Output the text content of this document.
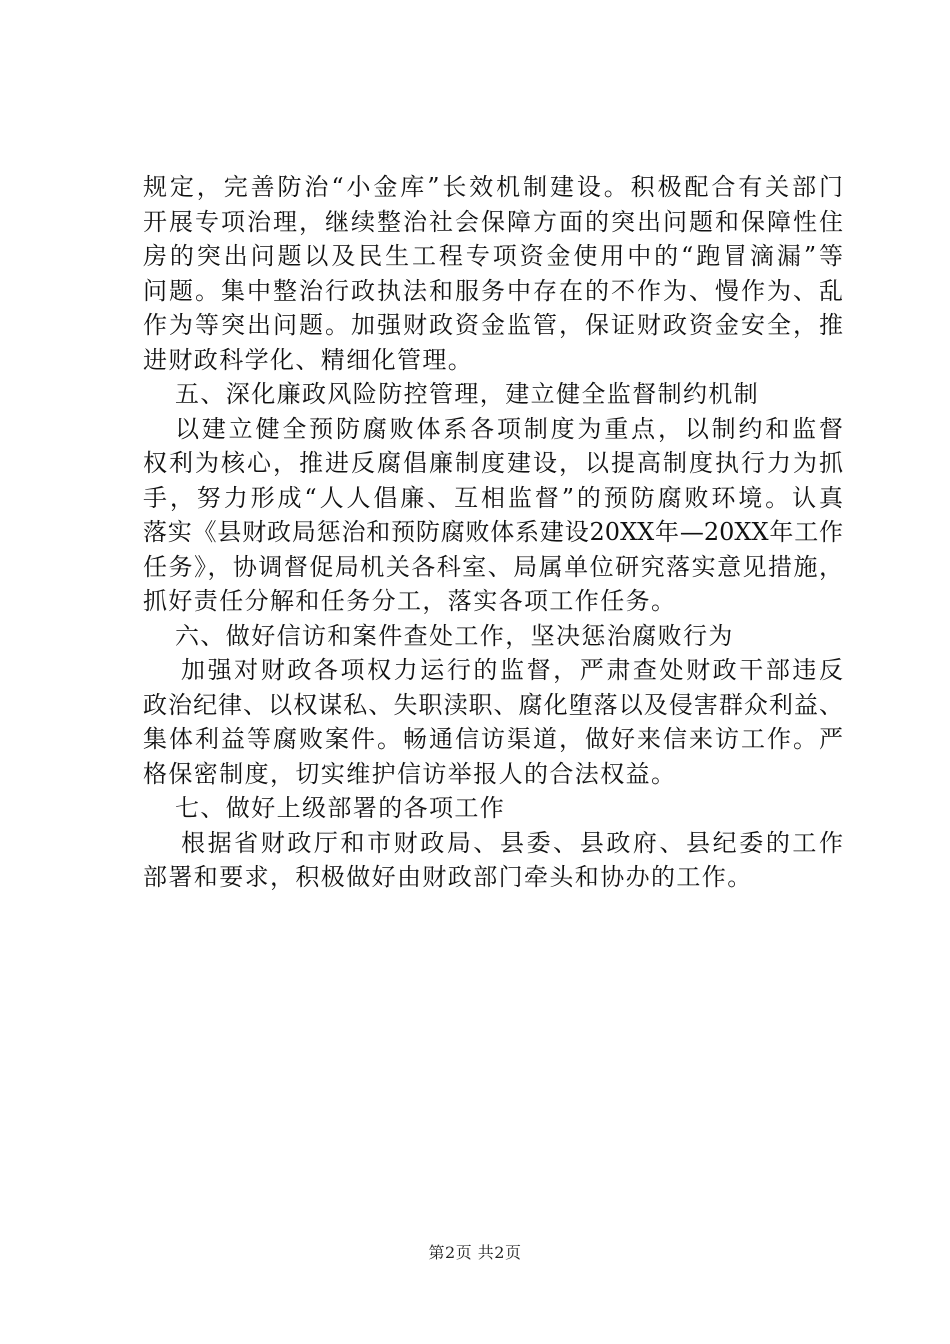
规定，完善防治“小金库”长效机制建设。积极配合有关部门
开展专项治理，继续整治社会保障方面的突出问题和保障性住
房的突出问题以及民生工程专项资金使用中的“跑冒滴漏”等
问题。集中整治行政执法和服务中存在的不作为、慢作为、乱
作为等突出问题。加强财政资金监管，保证财政资金安全，推
进财政科学化、精细化管理。
五、深化廉政风险防控管理，建立健全监督制约机制
以建立健全预防腐败体系各项制度为重点，以制约和监督
权利为核心，推进反腐倡廉制度建设，以提高制度执行力为抓
手，努力形成“人人倡廉、互相监督”的预防腐败环境。认真
落实《县财政局惩治和预防腐败体系建设20XX年—20XX年工作
任务》，协调督促局机关各科室、局属单位研究落实意见措施，
抓好责任分解和任务分工，落实各项工作任务。
六、做好信访和案件查处工作，坚决惩治腐败行为
加强对财政各项权力运行的监督，严肃查处财政干部违反
政治纪律、以权谋私、失职渎职、腐化堕落以及侵害群众利益、
集体利益等腐败案件。畅通信访渠道，做好来信来访工作。严
格保密制度，切实维护信访举报人的合法权益。
七、做好上级部署的各项工作
根据省财政厅和市财政局、县委、县政府、县纪委的工作
部署和要求，积极做好由财政部门牵头和协办的工作。
第2页 共2页
